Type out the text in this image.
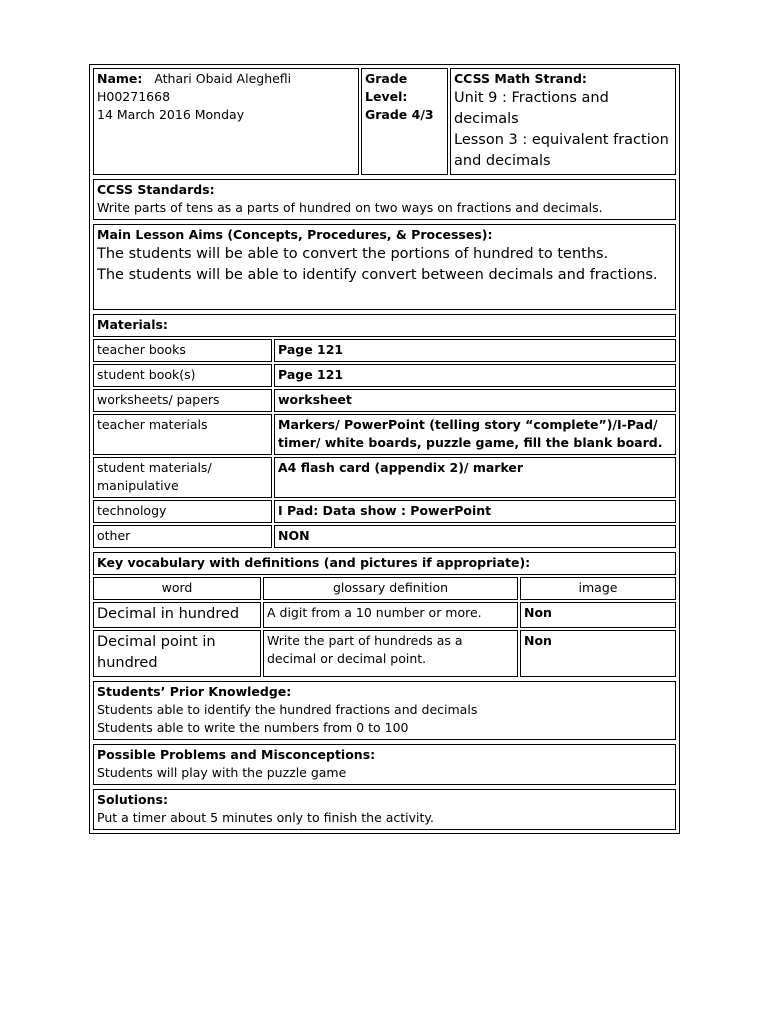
Name: Athari Obaid Aleghefli
H00271668
14 March 2016 Monday

Grade
Level:
Grade 4/3

CCSS Math Strand:
Unit 9 : Fractions and decimals
Lesson 3 : equivalent fraction and decimals
CCSS Standards:
Write parts of tens as a parts of hundred on two ways on fractions and decimals.
Main Lesson Aims (Concepts, Procedures, & Processes):
The students will be able to convert the portions of hundred to tenths.
The students will be able to identify convert between decimals and fractions.
Materials:	
teacher books	Page 121
student book(s)	Page 121
worksheets/ papers	worksheet
teacher materials	Markers/ PowerPoint (telling story “complete”)/I-Pad/ timer/ white boards, puzzle game, fill the blank board.
student materials/ manipulative	A4 flash card (appendix 2)/ marker
technology	I Pad: Data show : PowerPoint
other	NON
Key vocabulary with definitions (and pictures if appropriate):		
word	glossary definition	image
Decimal in hundred	A digit from a 10 number or more.	Non
Decimal point in hundred	Write the part of hundreds as a decimal or decimal point.	Non
Students’ Prior Knowledge:
Students able to identify the hundred fractions and decimals
Students able to write the numbers from 0 to 100
Possible Problems and Misconceptions:
Students will play with the puzzle game
Solutions:
Put a timer about 5 minutes only to finish the activity.
